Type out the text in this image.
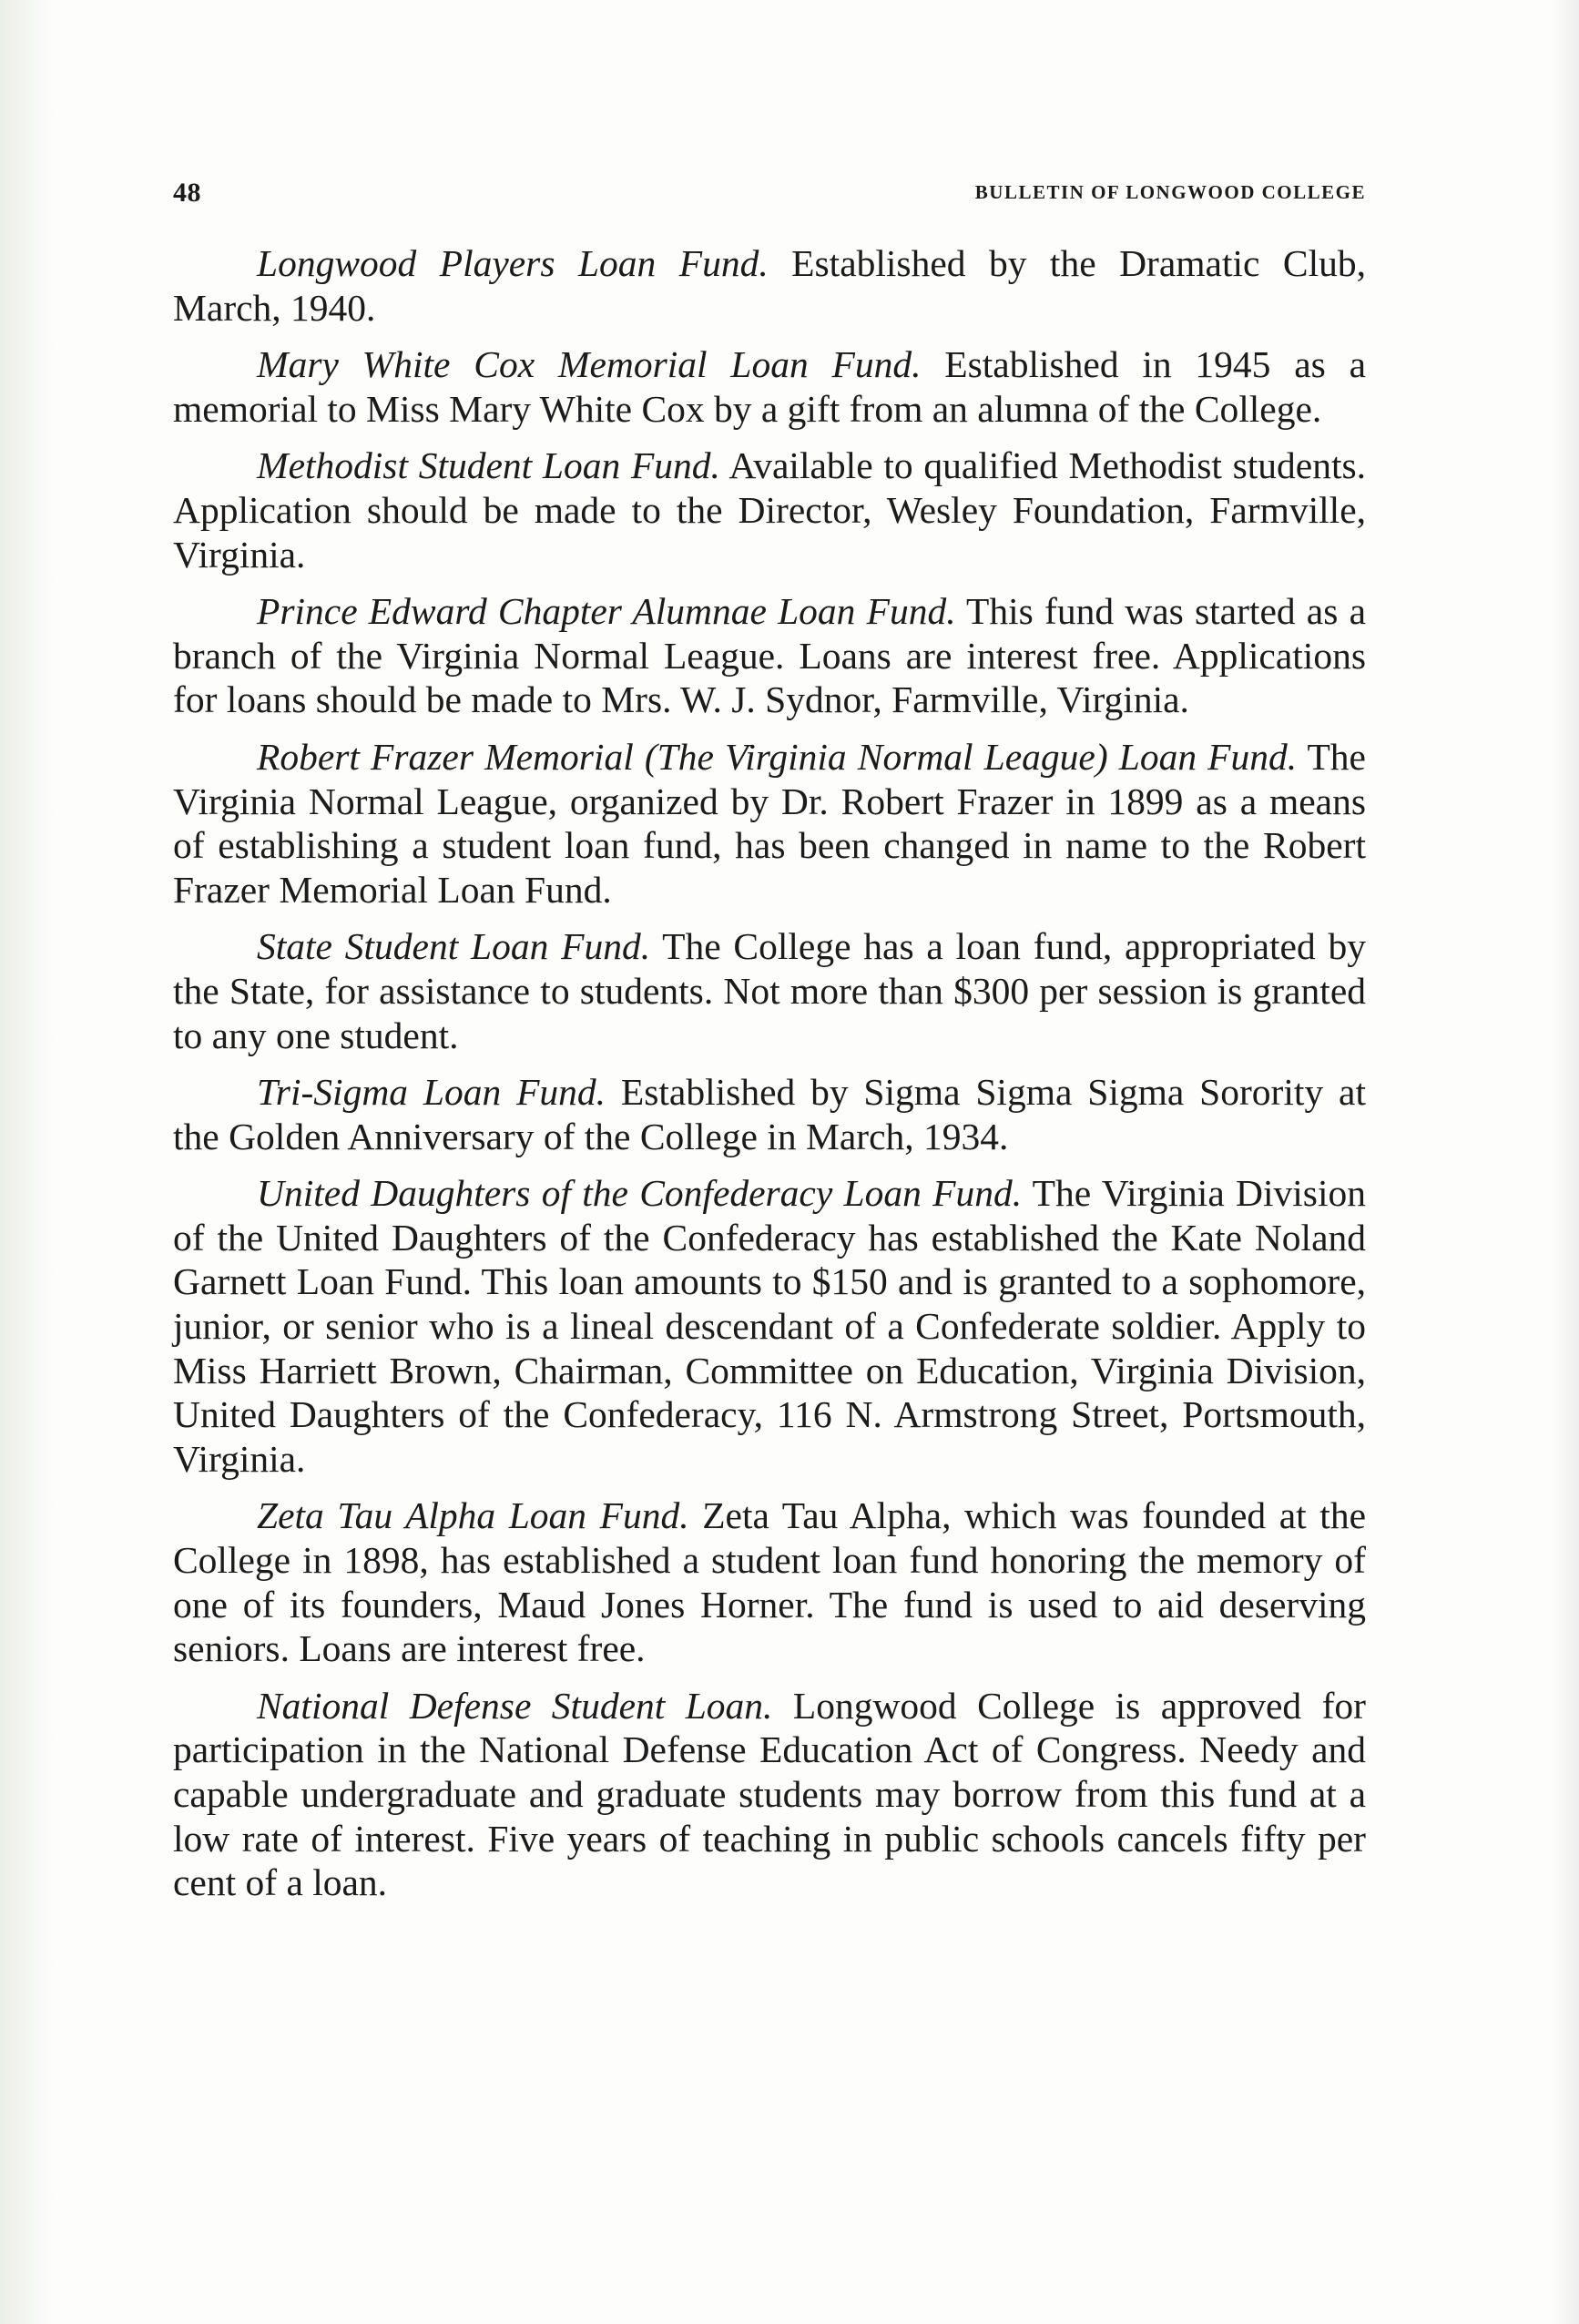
48	BULLETIN OF LONGWOOD COLLEGE

Longwood Players Loan Fund. Established by the Dramatic Club, March, 1940.

Mary White Cox Memorial Loan Fund. Established in 1945 as a memorial to Miss Mary White Cox by a gift from an alumna of the College.

Methodist Student Loan Fund. Available to qualified Methodist students. Application should be made to the Director, Wesley Foundation, Farmville, Virginia.

Prince Edward Chapter Alumnae Loan Fund. This fund was started as a branch of the Virginia Normal League. Loans are interest free. Applications for loans should be made to Mrs. W. J. Sydnor, Farmville, Virginia.

Robert Frazer Memorial (The Virginia Normal League) Loan Fund. The Virginia Normal League, organized by Dr. Robert Frazer in 1899 as a means of establishing a student loan fund, has been changed in name to the Robert Frazer Memorial Loan Fund.

State Student Loan Fund. The College has a loan fund, appropriated by the State, for assistance to students. Not more than $300 per session is granted to any one student.

Tri-Sigma Loan Fund. Established by Sigma Sigma Sigma Sorority at the Golden Anniversary of the College in March, 1934.

United Daughters of the Confederacy Loan Fund. The Virginia Division of the United Daughters of the Confederacy has established the Kate Noland Garnett Loan Fund. This loan amounts to $150 and is granted to a sophomore, junior, or senior who is a lineal descendant of a Confederate soldier. Apply to Miss Harriett Brown, Chairman, Committee on Education, Virginia Division, United Daughters of the Confederacy, 116 N. Armstrong Street, Portsmouth, Virginia.

Zeta Tau Alpha Loan Fund. Zeta Tau Alpha, which was founded at the College in 1898, has established a student loan fund honoring the memory of one of its founders, Maud Jones Horner. The fund is used to aid deserving seniors. Loans are interest free.

National Defense Student Loan. Longwood College is approved for participation in the National Defense Education Act of Congress. Needy and capable undergraduate and graduate students may borrow from this fund at a low rate of interest. Five years of teaching in public schools cancels fifty per cent of a loan.
